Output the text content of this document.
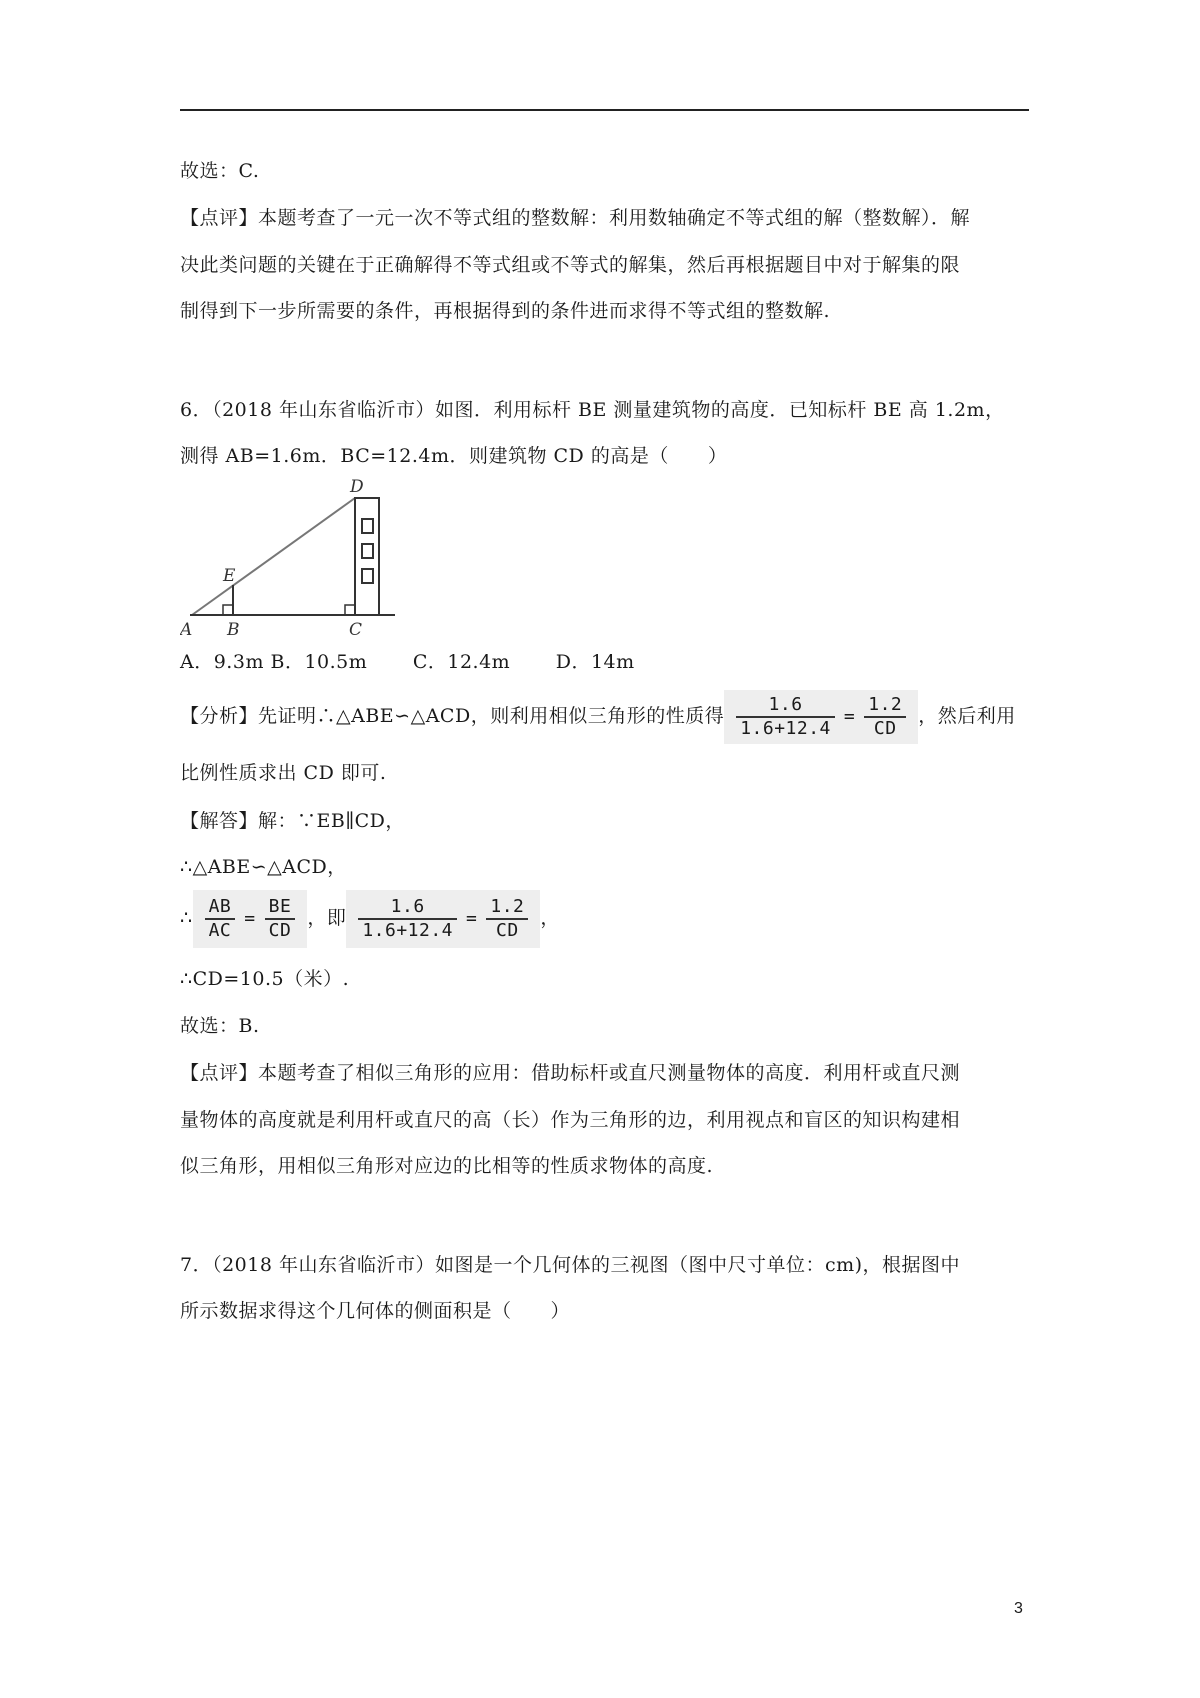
故选：C.
【点评】本题考查了一元一次不等式组的整数解：利用数轴确定不等式组的解（整数解）．解
决此类问题的关键在于正确解得不等式组或不等式的解集，然后再根据题目中对于解集的限
制得到下一步所需要的条件，再根据得到的条件进而求得不等式组的整数解.
6．（2018 年山东省临沂市）如图．利用标杆 BE 测量建筑物的高度．已知标杆 BE 高 1.2m，
测得 AB=1.6m．BC=12.4m．则建筑物 CD 的高是（　　）
A B	C
D
E
A．9.3m B．10.5m　　 C．12.4m　　 D．14m
【分析】先证明∴△ABE∽△ACD，则利用相似三角形的性质得 $\frac{1.6}{1.6+12.4} = \frac{1.2}{CD}$ ，然后利用
比例性质求出 CD 即可.
【解答】解：∵EB∥CD，
∴△ABE∽△ACD，
∴ $\frac{AB}{AC} = \frac{BE}{CD}$ ，即 $\frac{1.6}{1.6+12.4} = \frac{1.2}{CD}$ ，
∴CD=10.5（米）.
故选：B.
【点评】本题考查了相似三角形的应用：借助标杆或直尺测量物体的高度．利用杆或直尺测
量物体的高度就是利用杆或直尺的高（长）作为三角形的边，利用视点和盲区的知识构建相
似三角形，用相似三角形对应边的比相等的性质求物体的高度.
7．（2018 年山东省临沂市）如图是一个几何体的三视图（图中尺寸单位：cm)，根据图中
所示数据求得这个几何体的侧面积是（　　）
3
